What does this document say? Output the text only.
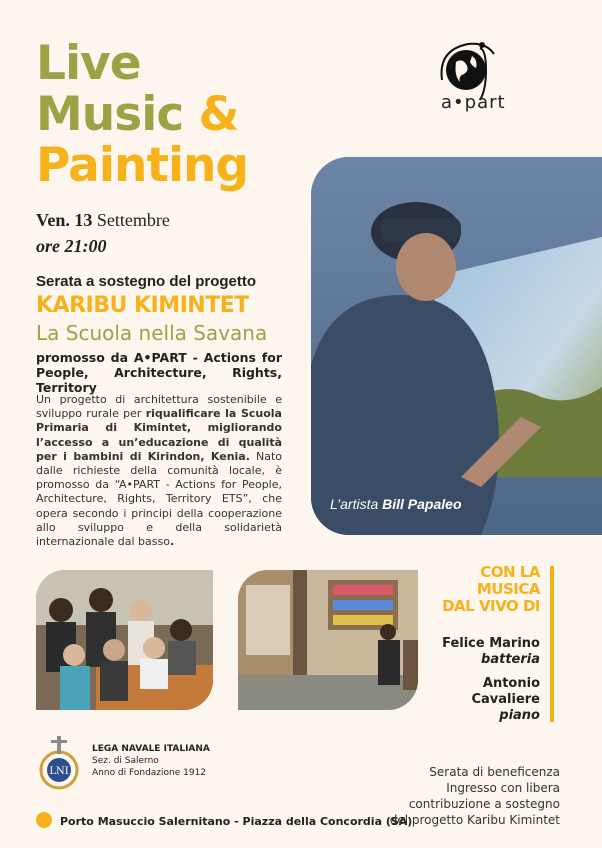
Live
Music &
Painting
a•part
Ven. 13 Settembre
ore 21:00
L’artista Bill Papaleo
Serata a sostegno del progetto
KARIBU KIMINTET
La Scuola nella Savana
promosso da A•PART - Actions for People, Architecture, Rights, Territory
Un progetto di architettura sostenibile e sviluppo rurale per riqualificare la Scuola Primaria di Kimintet, migliorando l’accesso a un’educazione di qualità per i bambini di Kirindon, Kenia. Nato dalle richieste della comunità locale, è promosso da “A•PART - Actions for People, Architecture, Rights, Territory ETS”, che opera secondo i principi della cooperazione allo sviluppo e della solidarietà internazionale dal basso.
CON LA
MUSICA
DAL VIVO DI
Felice Marino
batteria
Antonio
Cavaliere
piano
LNI
LEGA NAVALE ITALIANA
Sez. di Salerno
Anno di Fondazione 1912
Porto Masuccio Salernitano - Piazza della Concordia (SA)
Serata di beneficenza
Ingresso con libera
contribuzione a sostegno
del progetto Karibu Kimintet
